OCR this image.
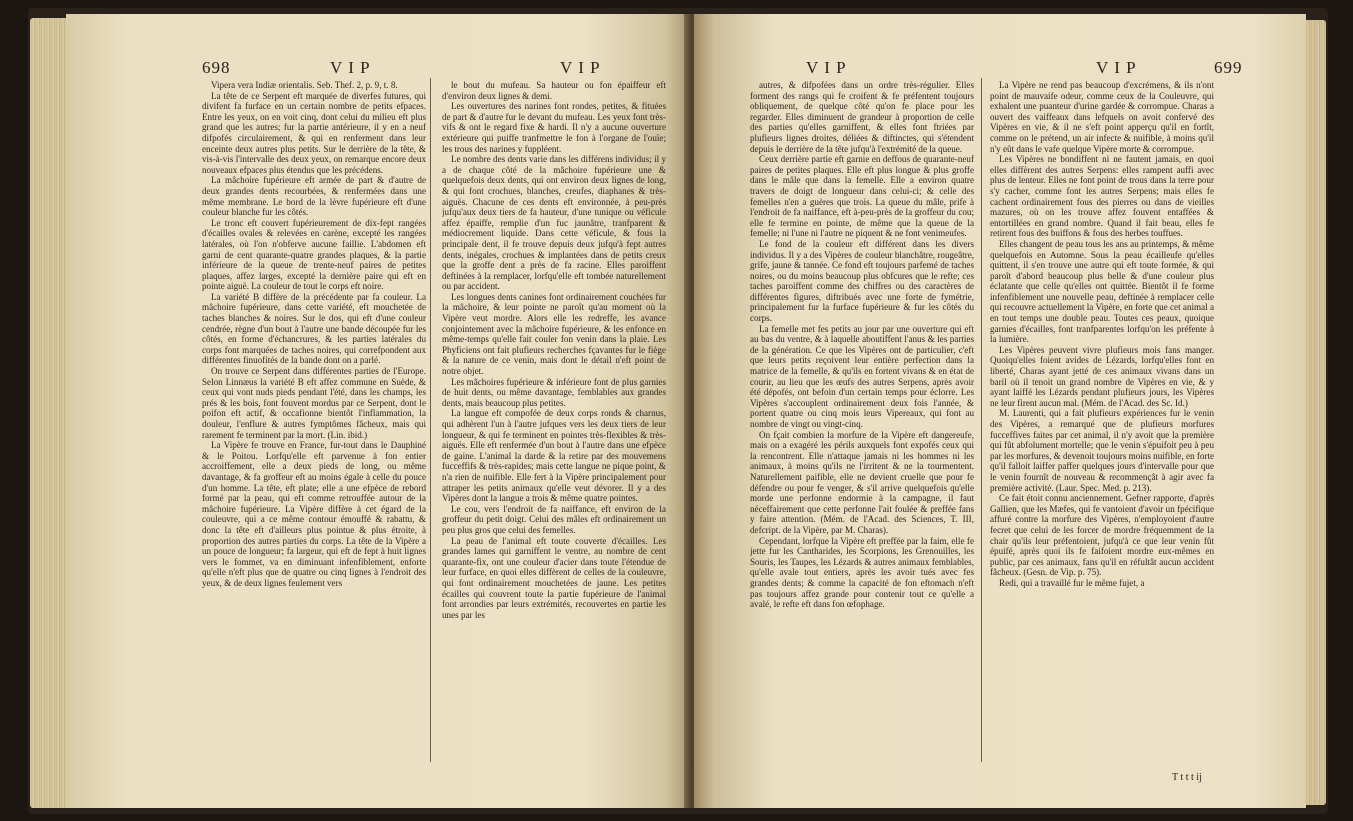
698	V I P	V I P

Vipera vera Indiæ orientalis. Seb. Thef. 2, p. 9, t. 8.

La tête de ce Serpent eft marquée de diverfes futures, qui divifent fa furface en un certain nombre de petits efpaces. Entre les yeux, on en voit cinq, dont celui du milieu eft plus grand que les autres; fur la partie antérieure, il y en a neuf difpofés circulairement, & qui en renferment dans leur enceinte deux autres plus petits. Sur le derrière de la tête, & vis-à-vis l'intervalle des deux yeux, on remarque encore deux nouveaux efpaces plus étendus que les précédens.

La mâchoire fupérieure eft armée de part & d'autre de deux grandes dents recourbées, & renfermées dans une même membrane. Le bord de la lèvre fupérieure eft d'une couleur blanche fur les côtés.

Le tronc eft couvert fupérieurement de dix-fept rangées d'écailles ovales & relevées en carène, excepté les rangées latérales, où l'on n'obferve aucune faillie. L'abdomen eft garni de cent quarante-quatre grandes plaques, & la partie inférieure de la queue de trente-neuf paires de petites plaques, affez larges, excepté la dernière paire qui eft en pointe aiguë. La couleur de tout le corps eft noire.

La variété B diffère de la précédente par fa couleur. La mâchoire fupérieure, dans cette variété, eft mouchetée de taches blanches & noires. Sur le dos, qui eft d'une couleur cendrée, règne d'un bout à l'autre une bande découpée fur les côtés, en forme d'échancrures, & les parties latérales du corps font marquées de taches noires, qui correfpondent aux différentes finuofités de la bande dont on a parlé.

On trouve ce Serpent dans différentes parties de l'Europe. Selon Linnæus la variété B eft affez commune en Suède, & ceux qui vont nuds pieds pendant l'été, dans les champs, les prés & les bois, font fouvent mordus par ce Serpent, dont le poifon eft actif, & occafionne bientôt l'inflammation, la douleur, l'enflure & autres fymptômes fâcheux, mais qui rarement fe terminent par la mort. (Lin. ibid.)

La Vipère fe trouve en France, fur-tout dans le Dauphiné & le Poitou. Lorfqu'elle eft parvenue à fon entier accroiffement, elle a deux pieds de long, ou même davantage, & fa groffeur eft au moins égale à celle du pouce d'un homme. La tête, eft plate; elle a une efpèce de rebord formé par la peau, qui eft comme retrouffée autour de la mâchoire fupérieure. La Vipère diffère à cet égard de la couleuvre, qui a ce même contour émouffé & rabattu, & donc la tête eft d'ailleurs plus pointue & plus étroite, à proportion des autres parties du corps. La tête de la Vipère a un pouce de longueur; fa largeur, qui eft de fept à huit lignes vers le fommet, va en diminuant infenfiblement, enforte qu'elle n'eft plus que de quatre ou cinq lignes à l'endroit des yeux, & de deux lignes feulement vers

le bout du mufeau. Sa hauteur ou fon épaiffeur eft d'environ deux lignes & demi.

Les ouvertures des narines font rondes, petites, & fituées de part & d'autre fur le devant du mufeau. Les yeux font très-vifs & ont le regard fixe & hardi. Il n'y a aucune ouverture extérieure qui puiffe tranfmettre le fon à l'organe de l'ouïe; les trous des narines y fuppléent.

Le nombre des dents varie dans les différens individus; il y a de chaque côté de la mâchoire fupérieure une & quelquefois deux dents, qui ont environ deux lignes de long, & qui font crochues, blanches, creufes, diaphanes & très-aiguës. Chacune de ces dents eft environnée, à peu-près jufqu'aux deux tiers de fa hauteur, d'une tunique ou véficule affez épaiffe, remplie d'un fuc jaunâtre, tranfparent & médiocrement liquide. Dans cette véficule, & fous la principale dent, il fe trouve depuis deux jufqu'à fept autres dents, inégales, crochues & implantées dans de petits creux que la groffe dent a près de fa racine. Elles paroiffent deftinées à la remplacer, lorfqu'elle eft tombée naturellement ou par accident.

Les longues dents canines font ordinairement couchées fur la mâchoire, & leur pointe ne paroît qu'au moment où la Vipère veut mordre. Alors elle les redreffe, les avance conjointement avec la mâchoire fupérieure, & les enfonce en même-temps qu'elle fait couler fon venin dans la plaie. Les Phyficiens ont fait plufieurs recherches fçavantes fur le fiège & la nature de ce venin, mais dont le détail n'eft point de notre objet.

Les mâchoires fupérieure & inférieure font de plus garnies de huit dents, ou même davantage, femblables aux grandes dents, mais beaucoup plus petites.

La langue eft compofée de deux corps ronds & charnus, qui adhèrent l'un à l'autre jufques vers les deux tiers de leur longueur, & qui fe terminent en pointes très-flexibles & très-aiguës. Elle eft renfermée d'un bout à l'autre dans une efpèce de gaine. L'animal la darde & la retire par des mouvemens fucceffifs & très-rapides; mais cette langue ne pique point, & n'a rien de nuifible. Elle fert à la Vipère principalement pour attraper les petits animaux qu'elle veut dévorer. Il y a des Vipères dont la langue a trois & même quatre pointes.

Le cou, vers l'endroit de fa naiffance, eft environ de la groffeur du petit doigt. Celui des mâles eft ordinairement un peu plus gros que celui des femelles.

La peau de l'animal eft toute couverte d'écailles. Les grandes lames qui garniffent le ventre, au nombre de cent quarante-fix, ont une couleur d'acier dans toute l'étendue de leur furface, en quoi elles diffèrent de celles de la couleuvre, qui font ordinairement mouchetées de jaune. Les petites écailles qui couvrent toute la partie fupérieure de l'animal font arrondies par leurs extrémités, recouvertes en partie les unes par les

V I P	V I P	699

autres, & difpofées dans un ordre très-régulier. Elles forment des rangs qui fe croifent & fe préfentent toujours obliquement, de quelque côté qu'on fe place pour les regarder. Elles diminuent de grandeur à proportion de celle des parties qu'elles garniffent, & elles font ftriées par plufieurs lignes droites, déliées & diftinctes, qui s'étendent depuis le derrière de la tête jufqu'à l'extrémité de la queue.

Ceux derrière partie eft garnie en deffous de quarante-neuf paires de petites plaques. Elle eft plus longue & plus groffe dans le mâle que dans la femelle. Elle a environ quatre travers de doigt de longueur dans celui-ci; & celle des femelles n'en a guères que trois. La queue du mâle, prife à l'endroit de fa naiffance, eft à-peu-près de la groffeur du cou; elle fe termine en pointe, de même que la queue de la femelle; ni l'une ni l'autre ne piquent & ne font venimeufes.

Le fond de la couleur eft différent dans les divers individus. Il y a des Vipères de couleur blanchâtre, rougeâtre, grife, jaune & tannée. Ce fond eft toujours parfemé de taches noires, ou du moins beaucoup plus obfcures que le refte; ces taches paroiffent comme des chiffres ou des caractères de différentes figures, diftribués avec une forte de fymétrie, principalement fur la furface fupérieure & fur les côtés du corps.

La femelle met fes petits au jour par une ouverture qui eft au bas du ventre, & à laquelle aboutiffent l'anus & les parties de la génération. Ce que les Vipères ont de particulier, c'eft que leurs petits reçoivent leur entière perfection dans la matrice de la femelle, & qu'ils en fortent vivans & en état de courir, au lieu que les œufs des autres Serpens, après avoir été dépofés, ont befoin d'un certain temps pour éclorre. Les Vipères s'accouplent ordinairement deux fois l'année, & portent quatre ou cinq mois leurs Vipereaux, qui font au nombre de vingt ou vingt-cinq.

On fçait combien la morfure de la Vipère eft dangereufe, mais on a exagéré les périls auxquels font expofés ceux qui la rencontrent. Elle n'attaque jamais ni les hommes ni les animaux, à moins qu'ils ne l'irritent & ne la tourmentent. Naturellement paifible, elle ne devient cruelle que pour fe défendre ou pour fe venger, & s'il arrive quelquefois qu'elle morde une perfonne endormie à la campagne, il faut néceffairement que cette perfonne l'ait foulée & preffée fans y faire attention. (Mém. de l'Acad. des Sciences, T. III, defcript. de la Vipère, par M. Charas).

Cependant, lorfque la Vipère eft preffée par la faim, elle fe jette fur les Cantharides, les Scorpions, les Grenouilles, les Souris, les Taupes, les Lézards & autres animaux femblables, qu'elle avale tout entiers, après les avoir tués avec fes grandes dents; & comme la capacité de fon eftomach n'eft pas toujours affez grande pour contenir tout ce qu'elle a avalé, le refte eft dans fon œfophage.

La Vipère ne rend pas beaucoup d'excrémens, & ils n'ont point de mauvaife odeur, comme ceux de la Couleuvre, qui exhalent une puanteur d'urine gardée & corrompue. Charas a ouvert des vaiffeaux dans lefquels on avoit confervé des Vipères en vie, & il ne s'eft point apperçu qu'il en fortît, comme on le prétend, un air infecte & nuifible, à moins qu'il n'y eût dans le vafe quelque Vipère morte & corrompue.

Les Vipères ne bondiffent ni ne fautent jamais, en quoi elles diffèrent des autres Serpens: elles rampent auffi avec plus de lenteur. Elles ne font point de trous dans la terre pour s'y cacher, comme font les autres Serpens; mais elles fe cachent ordinairement fous des pierres ou dans de vieilles mazures, où on les trouve affez fouvent entaffées & entortillées en grand nombre. Quand il fait beau, elles fe retirent fous des buiffons & fous des herbes touffues.

Elles changent de peau tous les ans au printemps, & même quelquefois en Automne. Sous la peau écailleufe qu'elles quittent, il s'en trouve une autre qui eft toute formée, & qui paroît d'abord beaucoup plus belle & d'une couleur plus éclatante que celle qu'elles ont quittée. Bientôt il fe forme infenfiblement une nouvelle peau, deftinée à remplacer celle qui recouvre actuellement la Vipère, en forte que cet animal a en tout temps une double peau. Toutes ces peaux, quoique garnies d'écailles, font tranfparentes lorfqu'on les préfente à la lumière.

Les Vipères peuvent vivre plufieurs mois fans manger. Quoiqu'elles foient avides de Lézards, lorfqu'elles font en liberté, Charas ayant jetté de ces animaux vivans dans un baril où il tenoit un grand nombre de Vipères en vie, & y ayant laiffé les Lézards pendant plufieurs jours, les Vipères ne leur firent aucun mal. (Mém. de l'Acad. des Sc. Id.)

M. Laurenti, qui a fait plufieurs expériences fur le venin des Vipères, a remarqué que de plufieurs morfures fucceffives faites par cet animal, il n'y avoit que la première qui fût abfolument mortelle; que le venin s'épuifoit peu à peu par les morfures, & devenoit toujours moins nuifible, en forte qu'il falloit laiffer paffer quelques jours d'intervalle pour que le venin fournît de nouveau & recommençât à agir avec fa première activité. (Laur. Spec. Med. p. 213).

Ce fait étoit connu anciennement. Gefner rapporte, d'après Gallien, que les Mæfes, qui fe vantoient d'avoir un fpécifique affuré contre la morfure des Vipères, n'employoient d'autre fecret que celui de les forcer de mordre fréquemment de la chair qu'ils leur préfentoient, jufqu'à ce que leur venin fût épuifé, après quoi ils fe faifoient mordre eux-mêmes en public, par ces animaux, fans qu'il en réfultât aucun accident fâcheux. (Gesn. de Vip. p. 75).

Redi, qui a travaillé fur le même fujet, a

T t t t ij
